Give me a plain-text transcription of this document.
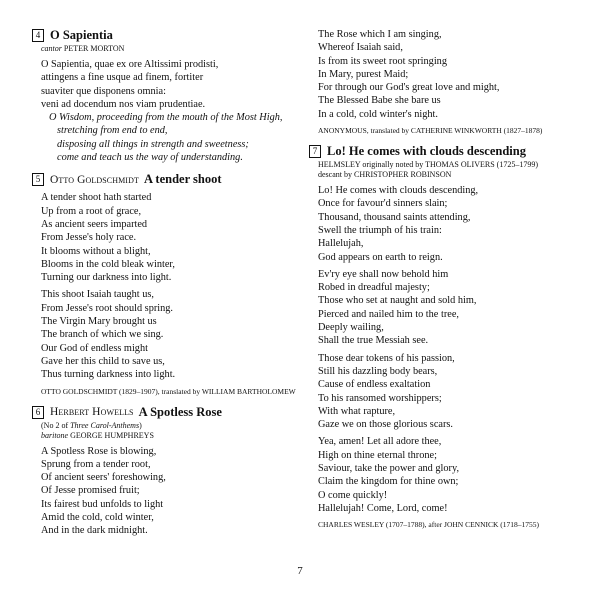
4 O Sapientia
cantor PETER MORTON
O Sapientia, quae ex ore Altissimi prodisti,
attingens a fine usque ad finem, fortiter
suaviter que disponens omnia:
veni ad docendum nos viam prudentiae.
O Wisdom, proceeding from the mouth of the Most High,
stretching from end to end,
disposing all things in strength and sweetness;
come and teach us the way of understanding.
5 Otto Goldschmidt A tender shoot
A tender shoot hath started
Up from a root of grace,
As ancient seers imparted
From Jesse's holy race.
It blooms without a blight,
Blooms in the cold bleak winter,
Turning our darkness into light.
This shoot Isaiah taught us,
From Jesse's root should spring.
The Virgin Mary brought us
The branch of which we sing.
Our God of endless might
Gave her this child to save us,
Thus turning darkness into light.
OTTO GOLDSCHMIDT (1829–1907), translated by WILLIAM BARTHOLOMEW
6 Herbert Howells A Spotless Rose
(No 2 of Three Carol-Anthems)
baritone GEORGE HUMPHREYS
A Spotless Rose is blowing,
Sprung from a tender root,
Of ancient seers' foreshowing,
Of Jesse promised fruit;
Its fairest bud unfolds to light
Amid the cold, cold winter,
And in the dark midnight.
The Rose which I am singing,
Whereof Isaiah said,
Is from its sweet root springing
In Mary, purest Maid;
For through our God's great love and might,
The Blessed Babe she bare us
In a cold, cold winter's night.
ANONYMOUS, translated by CATHERINE WINKWORTH (1827–1878)
7 Lo! He comes with clouds descending
HELMSLEY originally noted by THOMAS OLIVERS (1725–1799)
descant by CHRISTOPHER ROBINSON
Lo! He comes with clouds descending,
Once for favour'd sinners slain;
Thousand, thousand saints attending,
Swell the triumph of his train:
Hallelujah,
God appears on earth to reign.
Ev'ry eye shall now behold him
Robed in dreadful majesty;
Those who set at naught and sold him,
Pierced and nailed him to the tree,
Deeply wailing,
Shall the true Messiah see.
Those dear tokens of his passion,
Still his dazzling body bears,
Cause of endless exaltation
To his ransomed worshippers;
With what rapture,
Gaze we on those glorious scars.
Yea, amen! Let all adore thee,
High on thine eternal throne;
Saviour, take the power and glory,
Claim the kingdom for thine own;
O come quickly!
Hallelujah! Come, Lord, come!
CHARLES WESLEY (1707–1788), after JOHN CENNICK (1718–1755)
7
